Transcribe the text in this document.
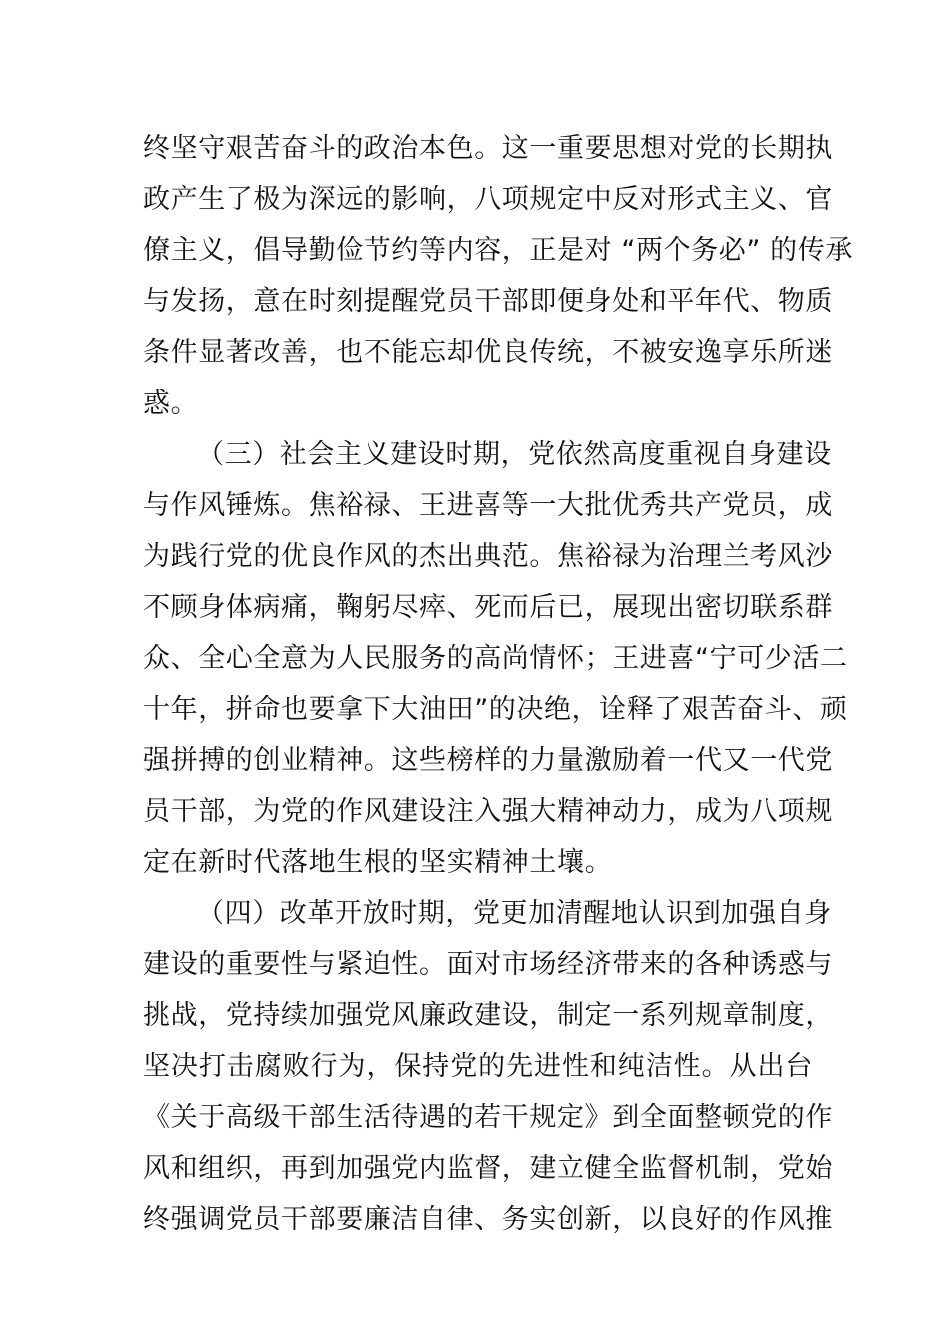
终坚守艰苦奋斗的政治本色。这一重要思想对党的长期执
政产生了极为深远的影响，八项规定中反对形式主义、官
僚主义，倡导勤俭节约等内容，正是对 “两个务必” 的传承
与发扬，意在时刻提醒党员干部即便身处和平年代、物质
条件显著改善，也不能忘却优良传统，不被安逸享乐所迷
惑。
（三）社会主义建设时期，党依然高度重视自身建设
与作风锤炼。焦裕禄、王进喜等一大批优秀共产党员，成
为践行党的优良作风的杰出典范。焦裕禄为治理兰考风沙
不顾身体病痛，鞠躬尽瘁、死而后已，展现出密切联系群
众、全心全意为人民服务的高尚情怀；王进喜“宁可少活二
十年，拼命也要拿下大油田”的决绝，诠释了艰苦奋斗、顽
强拼搏的创业精神。这些榜样的力量激励着一代又一代党
员干部，为党的作风建设注入强大精神动力，成为八项规
定在新时代落地生根的坚实精神土壤。
（四）改革开放时期，党更加清醒地认识到加强自身
建设的重要性与紧迫性。面对市场经济带来的各种诱惑与
挑战，党持续加强党风廉政建设，制定一系列规章制度，
坚决打击腐败行为，保持党的先进性和纯洁性。从出台
《关于高级干部生活待遇的若干规定》到全面整顿党的作
风和组织，再到加强党内监督，建立健全监督机制，党始
终强调党员干部要廉洁自律、务实创新，以良好的作风推
